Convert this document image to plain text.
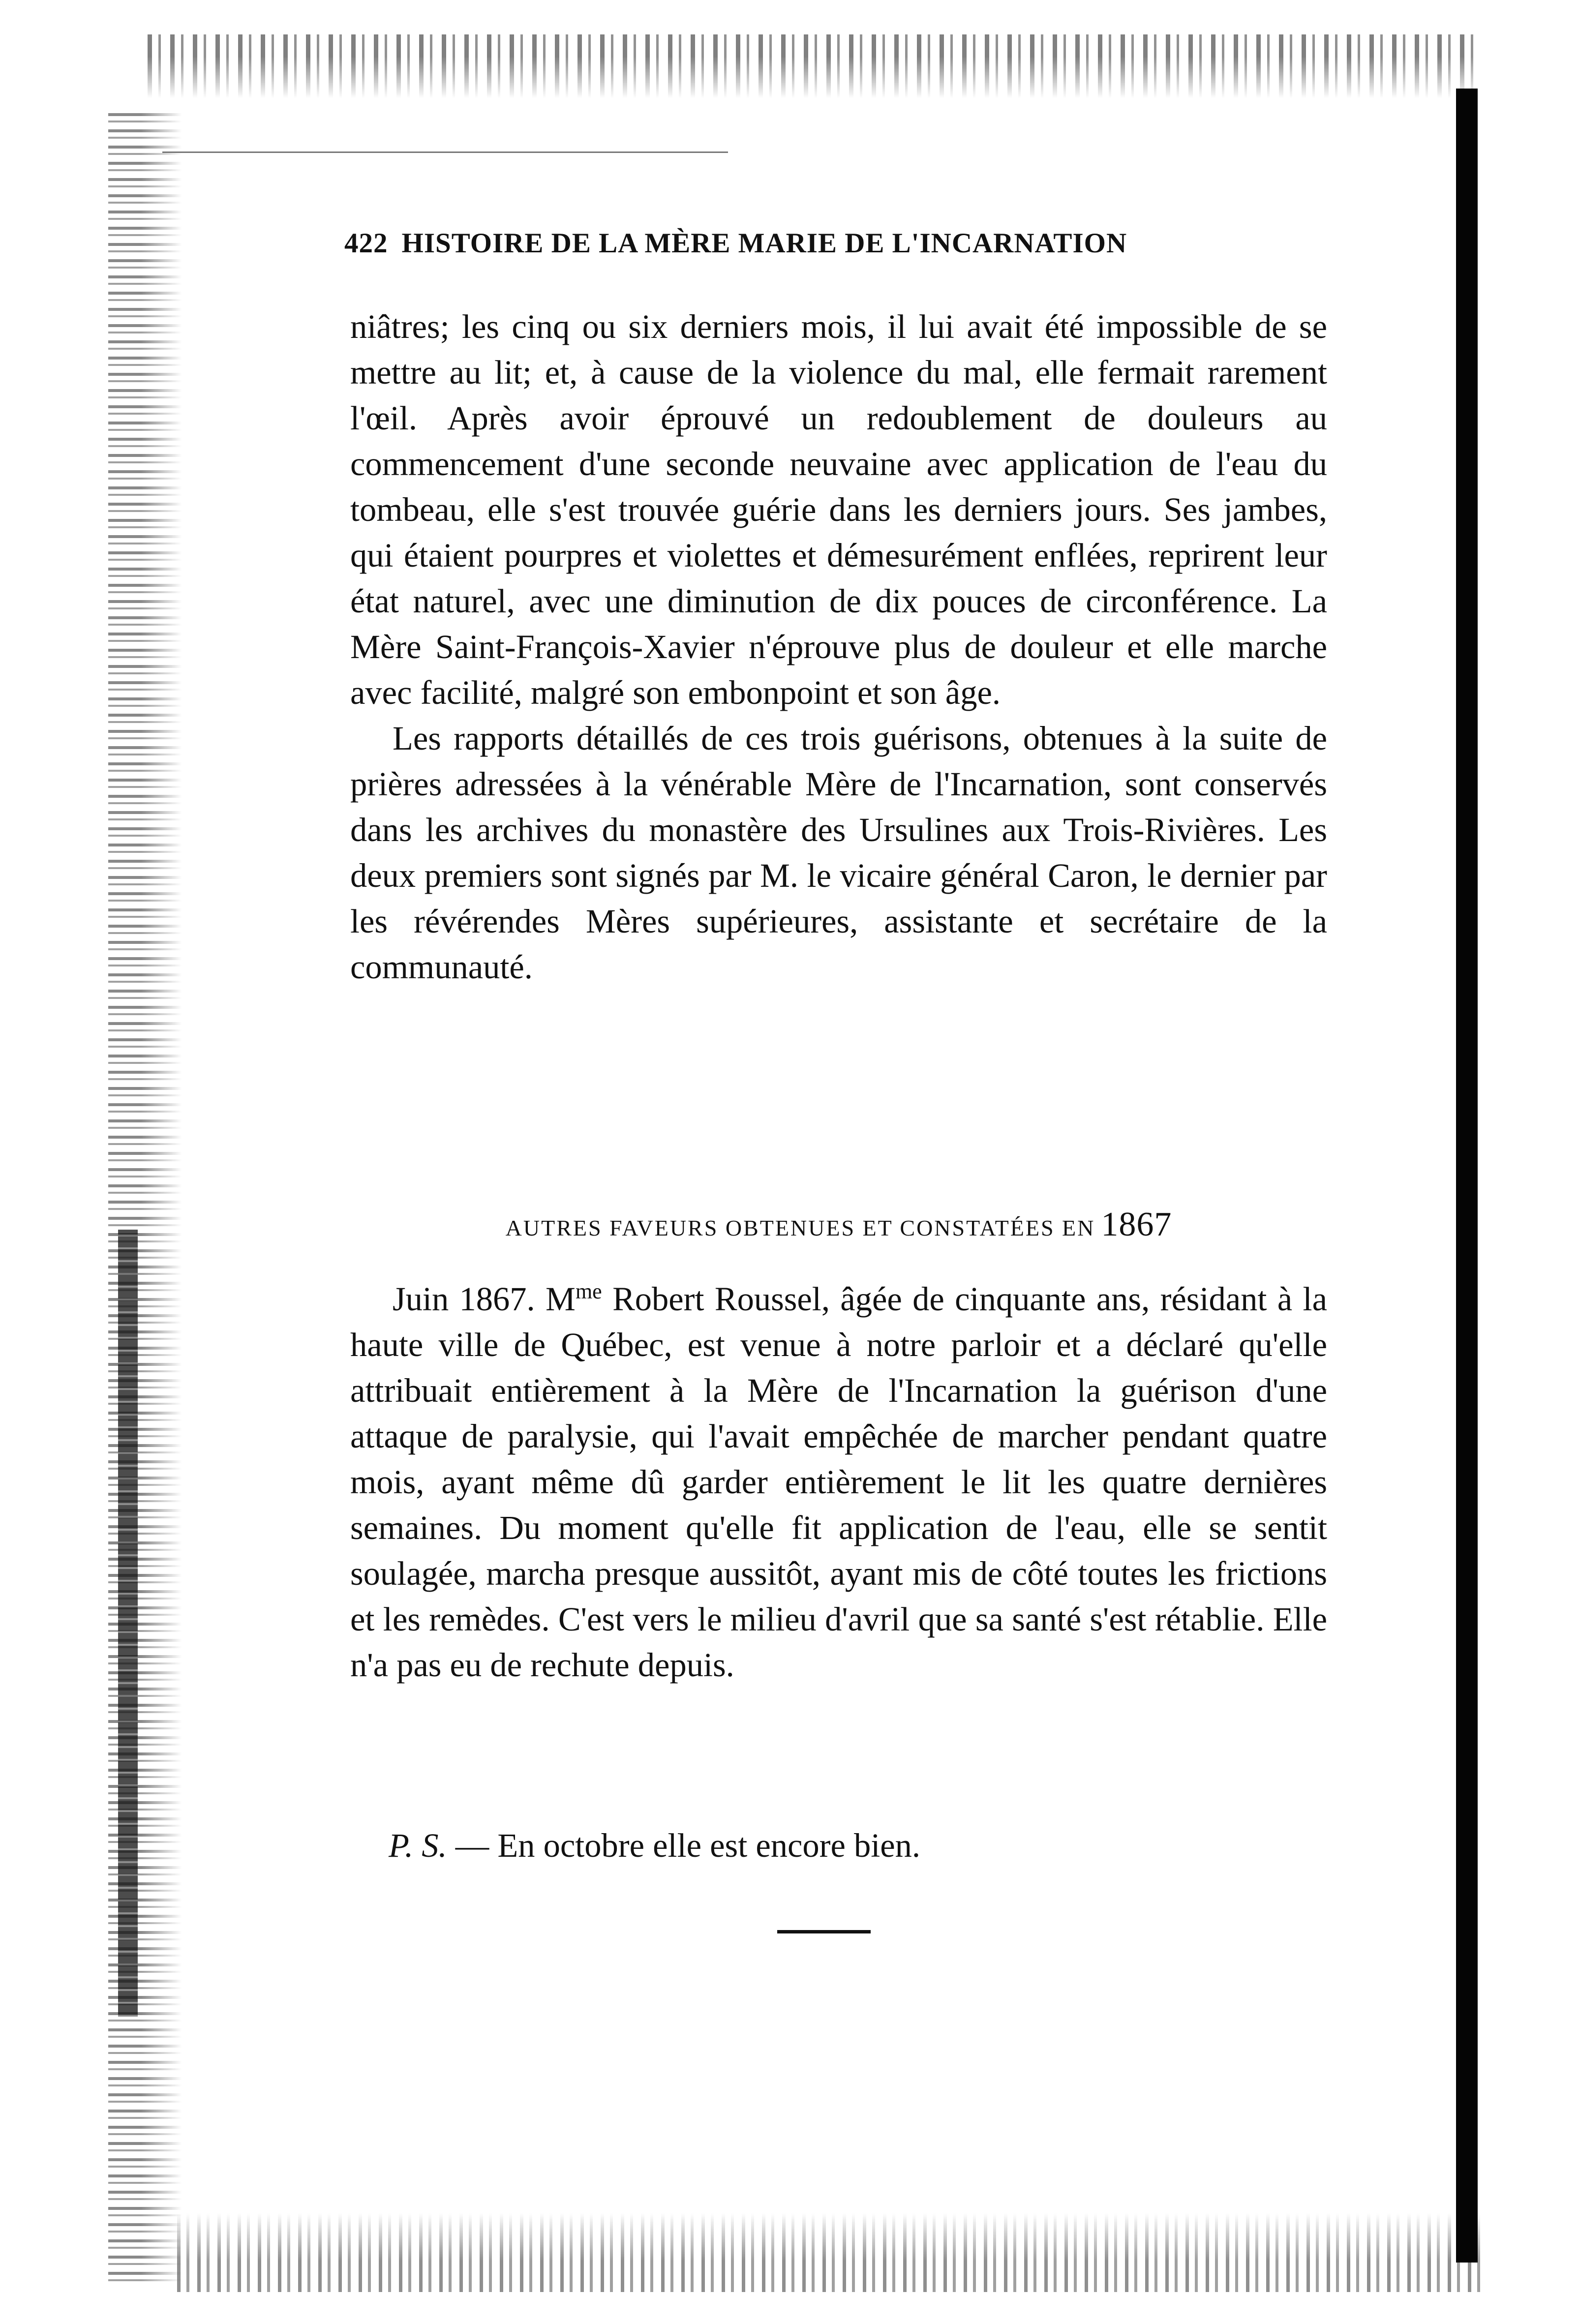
422 HISTOIRE DE LA MÈRE MARIE DE L'INCARNATION

niâtres; les cinq ou six derniers mois, il lui avait été impossible de se mettre au lit; et, à cause de la violence du mal, elle fermait rarement l'œil. Après avoir éprouvé un redoublement de douleurs au commencement d'une seconde neuvaine avec application de l'eau du tombeau, elle s'est trouvée guérie dans les derniers jours. Ses jambes, qui étaient pourpres et violettes et démesurément enflées, reprirent leur état naturel, avec une diminution de dix pouces de circonférence. La Mère Saint-François-Xavier n'éprouve plus de douleur et elle marche avec facilité, malgré son embonpoint et son âge.

Les rapports détaillés de ces trois guérisons, obtenues à la suite de prières adressées à la vénérable Mère de l'Incarnation, sont conservés dans les archives du monastère des Ursulines aux Trois-Rivières. Les deux premiers sont signés par M. le vicaire général Caron, le dernier par les révérendes Mères supérieures, assistante et secrétaire de la communauté.

AUTRES FAVEURS OBTENUES ET CONSTATÉES EN 1867

Juin 1867. $M^{me}$ Robert Roussel, âgée de cinquante ans, résidant à la haute ville de Québec, est venue à notre parloir et a déclaré qu'elle attribuait entièrement à la Mère de l'Incarnation la guérison d'une attaque de paralysie, qui l'avait empêchée de marcher pendant quatre mois, ayant même dû garder entièrement le lit les quatre dernières semaines. Du moment qu'elle fit application de l'eau, elle se sentit soulagée, marcha presque aussitôt, ayant mis de côté toutes les frictions et les remèdes. C'est vers le milieu d'avril que sa santé s'est rétablie. Elle n'a pas eu de rechute depuis.

P. S. — En octobre elle est encore bien.
